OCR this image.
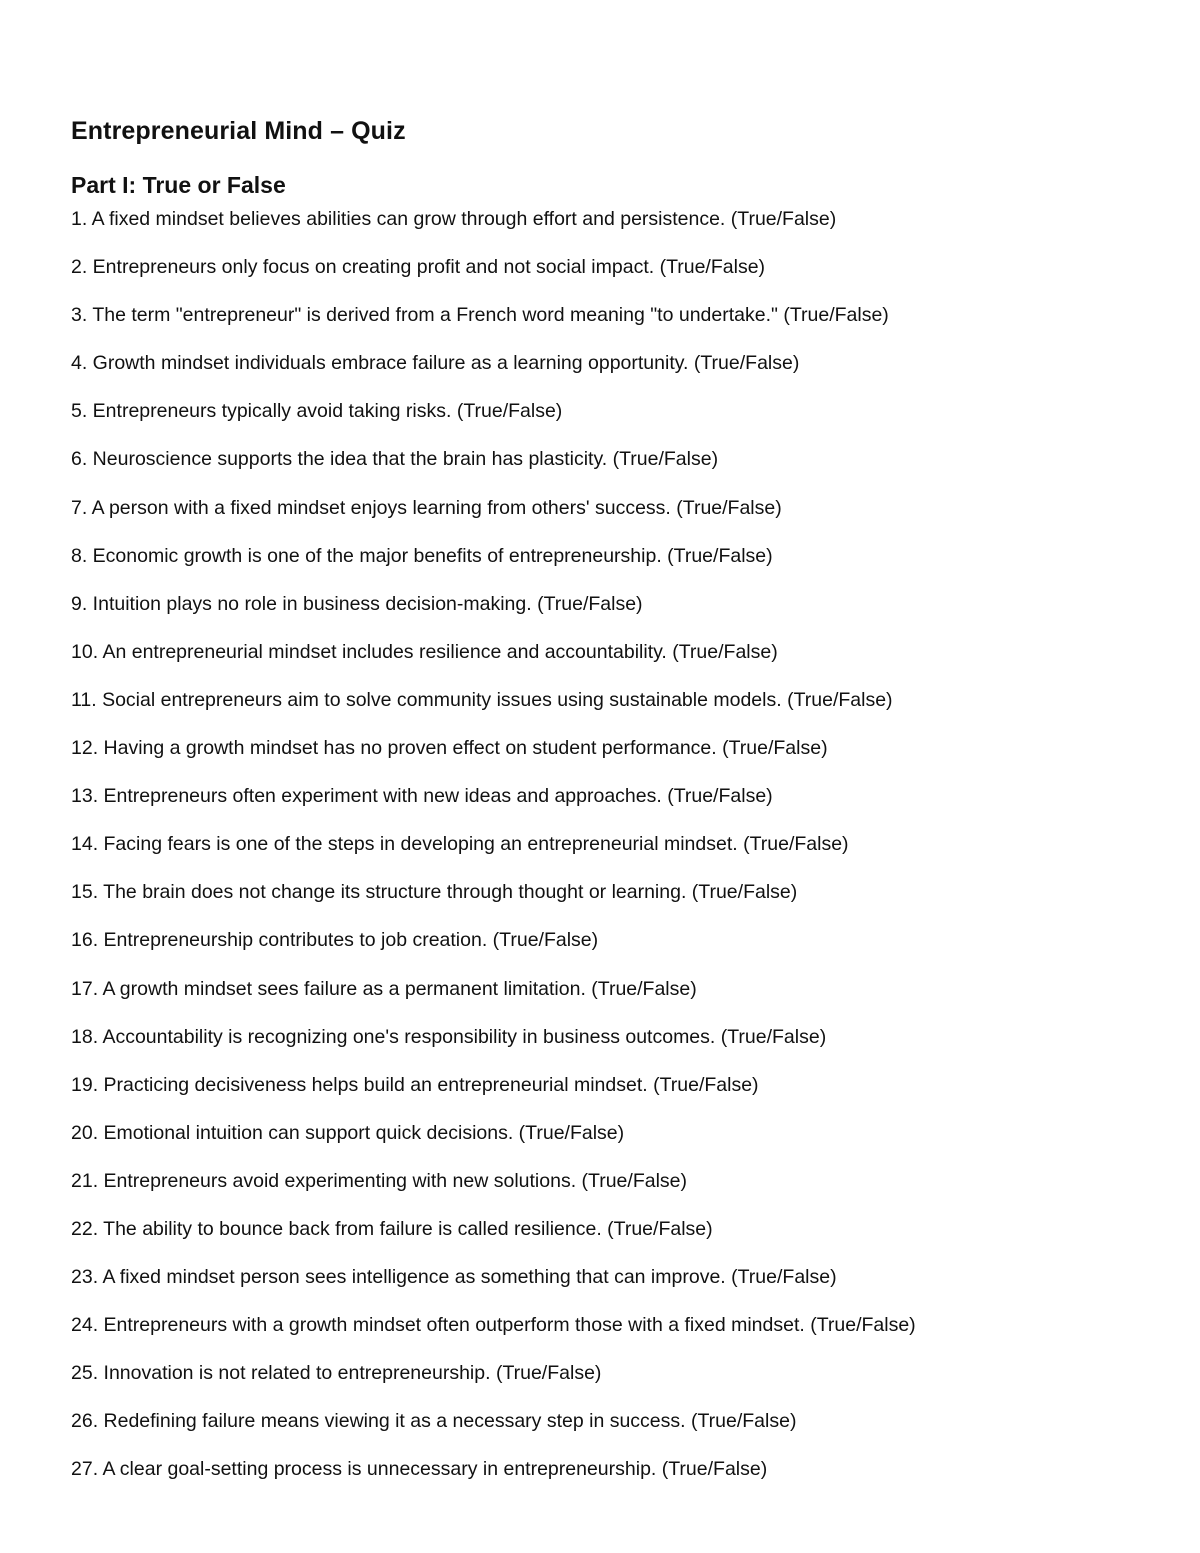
Entrepreneurial Mind – Quiz
Part I: True or False
1. A fixed mindset believes abilities can grow through effort and persistence. (True/False)
2. Entrepreneurs only focus on creating profit and not social impact. (True/False)
3. The term "entrepreneur" is derived from a French word meaning "to undertake." (True/False)
4. Growth mindset individuals embrace failure as a learning opportunity. (True/False)
5. Entrepreneurs typically avoid taking risks. (True/False)
6. Neuroscience supports the idea that the brain has plasticity. (True/False)
7. A person with a fixed mindset enjoys learning from others' success. (True/False)
8. Economic growth is one of the major benefits of entrepreneurship. (True/False)
9. Intuition plays no role in business decision-making. (True/False)
10. An entrepreneurial mindset includes resilience and accountability. (True/False)
11. Social entrepreneurs aim to solve community issues using sustainable models. (True/False)
12. Having a growth mindset has no proven effect on student performance. (True/False)
13. Entrepreneurs often experiment with new ideas and approaches. (True/False)
14. Facing fears is one of the steps in developing an entrepreneurial mindset. (True/False)
15. The brain does not change its structure through thought or learning. (True/False)
16. Entrepreneurship contributes to job creation. (True/False)
17. A growth mindset sees failure as a permanent limitation. (True/False)
18. Accountability is recognizing one's responsibility in business outcomes. (True/False)
19. Practicing decisiveness helps build an entrepreneurial mindset. (True/False)
20. Emotional intuition can support quick decisions. (True/False)
21. Entrepreneurs avoid experimenting with new solutions. (True/False)
22. The ability to bounce back from failure is called resilience. (True/False)
23. A fixed mindset person sees intelligence as something that can improve. (True/False)
24. Entrepreneurs with a growth mindset often outperform those with a fixed mindset. (True/False)
25. Innovation is not related to entrepreneurship. (True/False)
26. Redefining failure means viewing it as a necessary step in success. (True/False)
27. A clear goal-setting process is unnecessary in entrepreneurship. (True/False)
